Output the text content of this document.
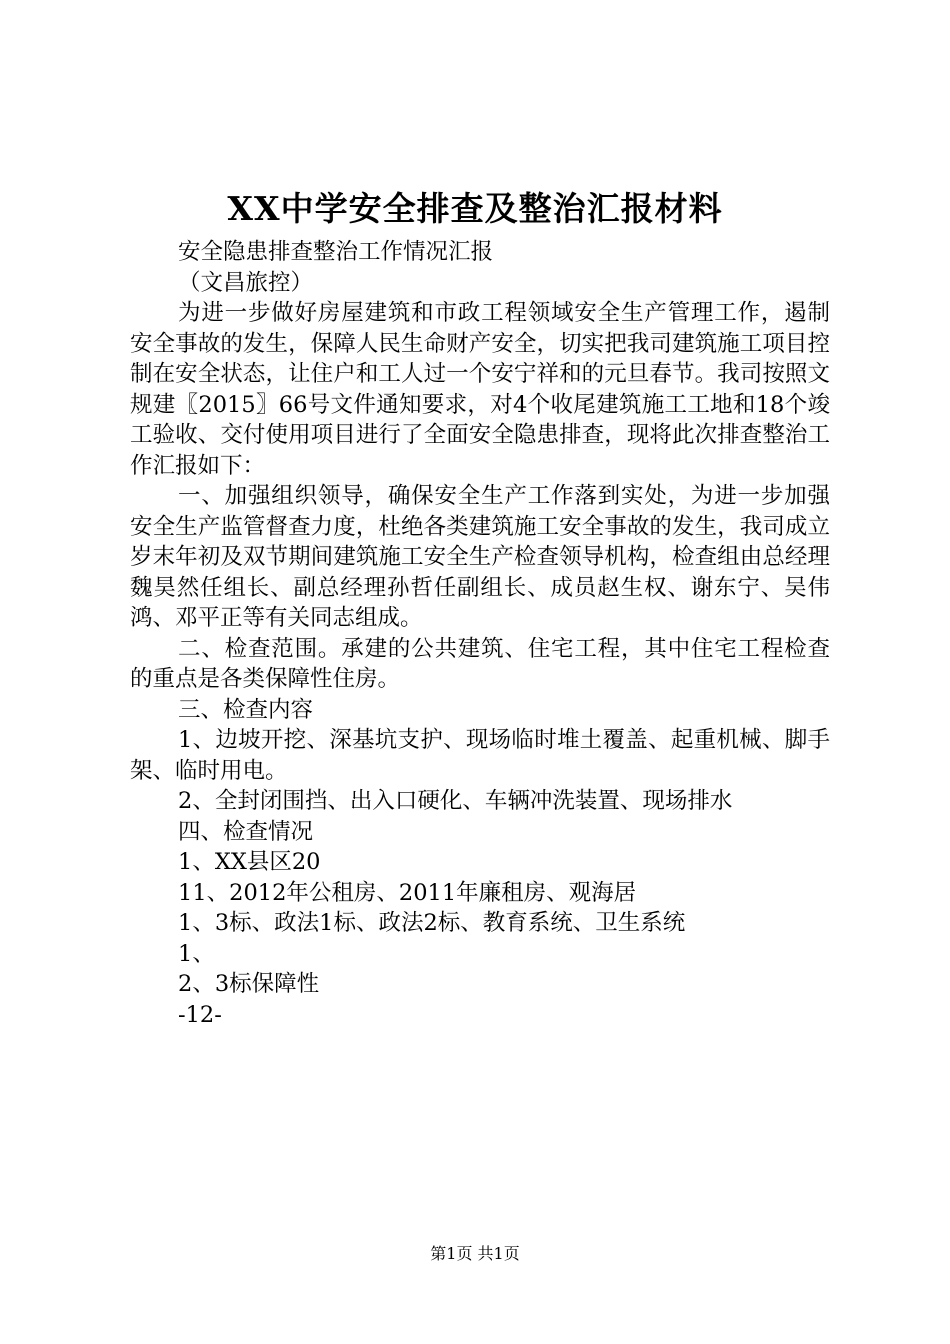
XX中学安全排查及整治汇报材料

安全隐患排查整治工作情况汇报

（文昌旅控）

为进一步做好房屋建筑和市政工程领域安全生产管理工作，遏制安全事故的发生，保障人民生命财产安全，切实把我司建筑施工项目控制在安全状态，让住户和工人过一个安宁祥和的元旦春节。我司按照文规建〖2015〗66号文件通知要求，对4个收尾建筑施工工地和18个竣工验收、交付使用项目进行了全面安全隐患排查，现将此次排查整治工作汇报如下：

一、加强组织领导，确保安全生产工作落到实处，为进一步加强安全生产监管督查力度，杜绝各类建筑施工安全事故的发生，我司成立岁末年初及双节期间建筑施工安全生产检查领导机构，检查组由总经理魏昊然任组长、副总经理孙哲任副组长、成员赵生权、谢东宁、吴伟鸿、邓平正等有关同志组成。

二、检查范围。承建的公共建筑、住宅工程，其中住宅工程检查的重点是各类保障性住房。

三、检查内容

1、边坡开挖、深基坑支护、现场临时堆土覆盖、起重机械、脚手架、临时用电。

2、全封闭围挡、出入口硬化、车辆冲洗装置、现场排水

四、检查情况

1、XX县区20

11、2012年公租房、2011年廉租房、观海居

1、3标、政法1标、政法2标、教育系统、卫生系统

1、

2、3标保障性

-12-

第1页 共1页
